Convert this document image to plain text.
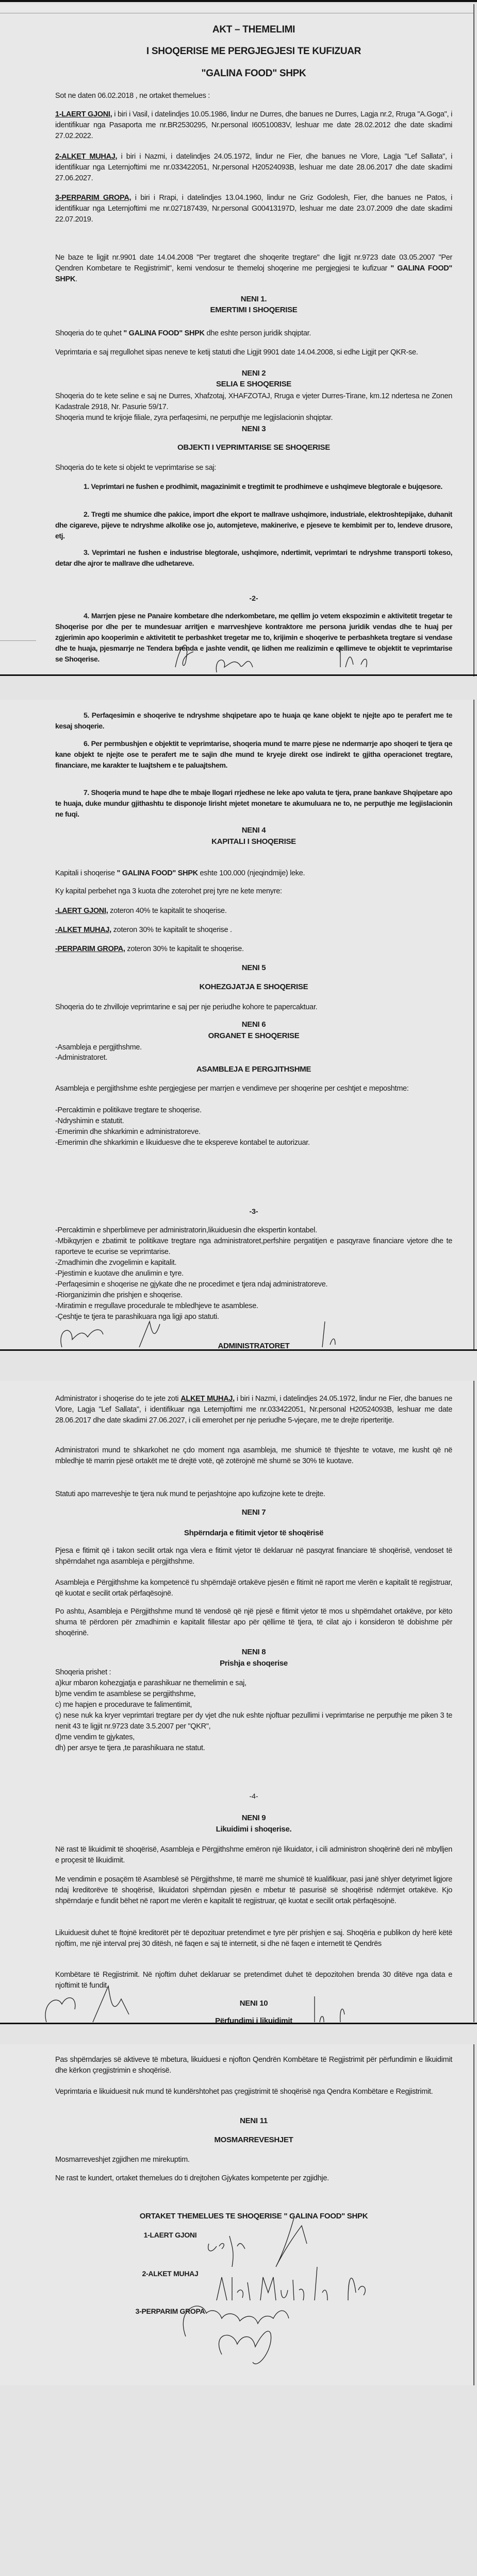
AKT – THEMELIMI
I SHOQERISE ME PERGJEGJESI TE KUFIZUAR
"GALINA FOOD" SHPK
Sot ne daten 06.02.2018 , ne ortaket themelues :
1-LAERT GJONI, i biri i Vasil, i datelindjes 10.05.1986, lindur ne Durres, dhe banues ne Durres, Lagja nr.2, Rruga "A.Goga", i identifikuar nga Pasaporta me nr.BR2530295, Nr.personal I60510083V, leshuar me date 28.02.2012 dhe date skadimi 27.02.2022.
2-ALKET MUHAJ, i biri i Nazmi, i datelindjes 24.05.1972, lindur ne Fier, dhe banues ne Vlore, Lagja "Lef Sallata", i identifikuar nga Leternjoftimi me nr.033422051, Nr.personal H20524093B, leshuar me date 28.06.2017 dhe date skadimi 27.06.2027.
3-PERPARIM GROPA, i biri i Rrapi, i datelindjes 13.04.1960, lindur ne Griz Godolesh, Fier, dhe banues ne Patos, i identifikuar nga Leternjoftimi me nr.027187439, Nr.personal G00413197D, leshuar me date 23.07.2009 dhe date skadimi 22.07.2019.
Ne baze te ligjit nr.9901 date 14.04.2008 "Per tregtaret dhe shoqerite tregtare" dhe ligjit nr.9723 date 03.05.2007 "Per Qendren Kombetare te Regjistrimit", kemi vendosur te themeloj shoqerine me pergjegjesi te kufizuar " GALINA FOOD" SHPK.
NENI 1.
EMERTIMI I SHOQERISE
Shoqeria do te quhet " GALINA FOOD" SHPK dhe eshte person juridik shqiptar.
Veprimtaria e saj rregullohet sipas neneve te ketij statuti dhe Ligjit 9901 date 14.04.2008, si edhe Ligjit per QKR-se.
NENI 2
SELIA E SHOQERISE
Shoqeria do te kete seline e saj ne Durres, Xhafzotaj, XHAFZOTAJ, Rruga e vjeter Durres-Tirane, km.12 ndertesa ne Zonen Kadastrale 2918, Nr. Pasurie 59/17.
Shoqeria mund te krijoje filiale, zyra perfaqesimi, ne perputhje me legjislacionin shqiptar.
NENI 3
OBJEKTI I VEPRIMTARISE SE SHOQERISE
Shoqeria do te kete si objekt te veprimtarise se saj:
1. Veprimtari ne fushen e prodhimit, magazinimit e tregtimit te prodhimeve e ushqimeve blegtorale e bujqesore.
2. Tregti me shumice dhe pakice, import dhe ekport te mallrave ushqimore, industriale, elektroshtepijake, duhanit dhe cigareve, pijeve te ndryshme alkolike ose jo, automjeteve, makinerive, e pjeseve te kembimit per to, lendeve drusore, etj.
3. Veprimtari ne fushen e industrise blegtorale, ushqimore, ndertimit, veprimtari te ndryshme transporti tokeso, detar dhe ajror te mallrave dhe udhetareve.
-2-
4. Marrjen pjese ne Panaire kombetare dhe nderkombetare, me qellim jo vetem ekspozimin e aktivitetit tregetar te Shoqerise por dhe per te mundesuar arritjen e marrveshjeve kontraktore me persona juridik vendas dhe te huaj per zgjerimin apo kooperimin e aktivitetit te perbashket tregetar me to, krijimin e shoqerive te perbashketa tregtare si vendase dhe te huaja, pjesmarrje ne Tendera brenda e jashte vendit, qe lidhen me realizimin e qellimeve te objektit te veprimtarise se Shoqerise.
5. Perfaqesimin e shoqerive te ndryshme shqipetare apo te huaja qe kane objekt te njejte apo te perafert me te kesaj shoqerie.
6. Per permbushjen e objektit te veprimtarise, shoqeria mund te marre pjese ne ndermarrje apo shoqeri te tjera qe kane objekt te njejte ose te perafert me te sajin dhe mund te kryeje direkt ose indirekt te gjitha operacionet tregtare, financiare, me karakter te luajtshem e te paluajtshem.
7. Shoqeria mund te hape dhe te mbaje llogari rrjedhese ne leke apo valuta te tjera, prane bankave Shqipetare apo te huaja, duke mundur gjithashtu te disponoje lirisht mjetet monetare te akumuluara ne to, ne perputhje me legjislacionin ne fuqi.
NENI 4
KAPITALI I SHOQERISE
Kapitali i shoqerise " GALINA FOOD" SHPK eshte 100.000 (njeqindmije) leke.
Ky kapital perbehet nga 3 kuota dhe zoterohet prej tyre ne kete menyre:
-LAERT GJONI, zoteron 40% te kapitalit te shoqerise.
-ALKET MUHAJ, zoteron 30% te kapitalit te shoqerise .
-PERPARIM GROPA, zoteron 30% te kapitalit te shoqerise.
NENI 5
KOHEZGJATJA E SHOQERISE
Shoqeria do te zhvilloje veprimtarine e saj per nje periudhe kohore te papercaktuar.
NENI 6
ORGANET E SHOQERISE
-Asambleja e pergjithshme.
-Administratoret.
ASAMBLEJA E PERGJITHSHME
Asambleja e pergjithshme eshte pergjegjese per marrjen e vendimeve per shoqerine per ceshtjet e meposhtme:
-Percaktimin e politikave tregtare te shoqerise.
-Ndryshimin e statutit.
-Emerimin dhe shkarkimin e administratoreve.
-Emerimin dhe shkarkimin e likuiduesve dhe te ekspereve kontabel te autorizuar.
-3-
-Percaktimin e shperblimeve per administratorin,likuiduesin dhe ekspertin kontabel.
-Mbikqyrjen e zbatimit te politikave tregtare nga administratoret,perfshire pergatitjen e pasqyrave financiare vjetore dhe te raporteve te ecurise se veprimtarise.
-Zmadhimin dhe zvogelimin e kapitalit.
-Pjestimin e kuotave dhe anulimin e tyre.
-Perfaqesimin e shoqerise ne gjykate dhe ne procedimet e tjera ndaj administratoreve.
-Riorganizimin dhe prishjen e shoqerise.
-Miratimin e rregullave procedurale te mbledhjeve te asamblese.
-Çeshtje te tjera te parashikuara nga ligji apo statuti.
ADMINISTRATORET
Administrator i shoqerise do te jete zoti ALKET MUHAJ, i biri i Nazmi, i datelindjes 24.05.1972, lindur ne Fier, dhe banues ne Vlore, Lagja "Lef Sallata", i identifikuar nga Leternjoftimi me nr.033422051, Nr.personal H20524093B, leshuar me date 28.06.2017 dhe date skadimi 27.06.2027, i cili emerohet per nje periudhe 5-vjeçare, me te drejte riperteritje.
Administratori mund te shkarkohet ne çdo moment nga asambleja, me shumicë të thjeshte te votave, me kusht që në mbledhje të marrin pjesë ortakët me të drejtë votë, që zotërojnë më shumë se 30% të kuotave.
Statuti apo marreveshje te tjera nuk mund te perjashtojne apo kufizojne kete te drejte.
NENI 7
Shpërndarja e fitimit vjetor të shoqërisë
Pjesa e fitimit që i takon secilit ortak nga vlera e fitimit vjetor të deklaruar në pasqyrat financiare të shoqërisë, vendoset të shpërndahet nga asambleja e përgjithshme.
Asambleja e Përgjithshme ka kompetencë t'u shpërndajë ortakëve pjesën e fitimit në raport me vlerën e kapitalit të regjistruar, që kuotat e secilit ortak përfaqësojnë.
Po ashtu, Asambleja e Përgjithshme mund të vendosë që një pjesë e fitimit vjetor të mos u shpërndahet ortakëve, por këto shuma të përdoren për zmadhimin e kapitalit fillestar apo për qëllime të tjera, të cilat ajo i konsideron të dobishme për shoqërinë.
NENI 8
Prishja e shoqerise
Shoqeria prishet :
a)kur mbaron kohezgjatja e parashikuar ne themelimin e saj,
b)me vendim te asamblese se pergjithshme,
c) me hapjen e procedurave te falimentimit,
ç) nese nuk ka kryer veprimtari tregtare per dy vjet dhe nuk eshte njoftuar pezullimi i veprimtarise ne perputhje me piken 3 te nenit 43 te ligjit nr.9723 date 3.5.2007 per "QKR",
d)me vendim te gjykates,
dh) per arsye te tjera ,te parashikuara ne statut.
-4-
NENI 9
Likuidimi i shoqerise.
Në rast të likuidimit të shoqërisë, Asambleja e Përgjithshme emëron një likuidator, i cili administron shoqërinë deri në mbylljen e proçesit të likuidimit.
Me vendimin e posaçëm të Asamblesë së Përgjithshme, të marrë me shumicë të kualifikuar, pasi janë shlyer detyrimet ligjore ndaj kreditorëve të shoqërisë, likuidatori shpërndan pjesën e mbetur të pasurisë së shoqërisë ndërmjet ortakëve. Kjo shpërndarje e fundit bëhet në raport me vlerën e kapitalit të regjistruar, që kuotat e secilit ortak përfaqësojnë.
Likuiduesit duhet të ftojnë kreditorët për të depozituar pretendimet e tyre për prishjen e saj. Shoqëria e publikon dy herë këtë njoftim, me një interval prej 30 ditësh, në faqen e saj të internetit, si dhe në faqen e internetit të Qendrës
Kombëtare të Regjistrimit. Në njoftim duhet deklaruar se pretendimet duhet të depozitohen brenda 30 ditëve nga data e njoftimit të fundit.
NENI 10
Përfundimi i likuidimit
Pas shpërndarjes së aktiveve të mbetura, likuiduesi e njofton Qendrën Kombëtare të Regjistrimit për përfundimin e likuidimit dhe kërkon çregjistrimin e shoqërisë.
Veprimtaria e likuiduesit nuk mund të kundërshtohet pas çregjistrimit të shoqërisë nga Qendra Kombëtare e Regjistrimit.
NENI 11
MOSMARREVESHJET
Mosmarreveshjet zgjidhen me mirekuptim.
Ne rast te kundert, ortaket themelues do ti drejtohen Gjykates kompetente per zgjidhje.
ORTAKET THEMELUES TE SHOQERISE " GALINA FOOD" SHPK
1-LAERT GJONI
2-ALKET MUHAJ
3-PERPARIM GROPA
